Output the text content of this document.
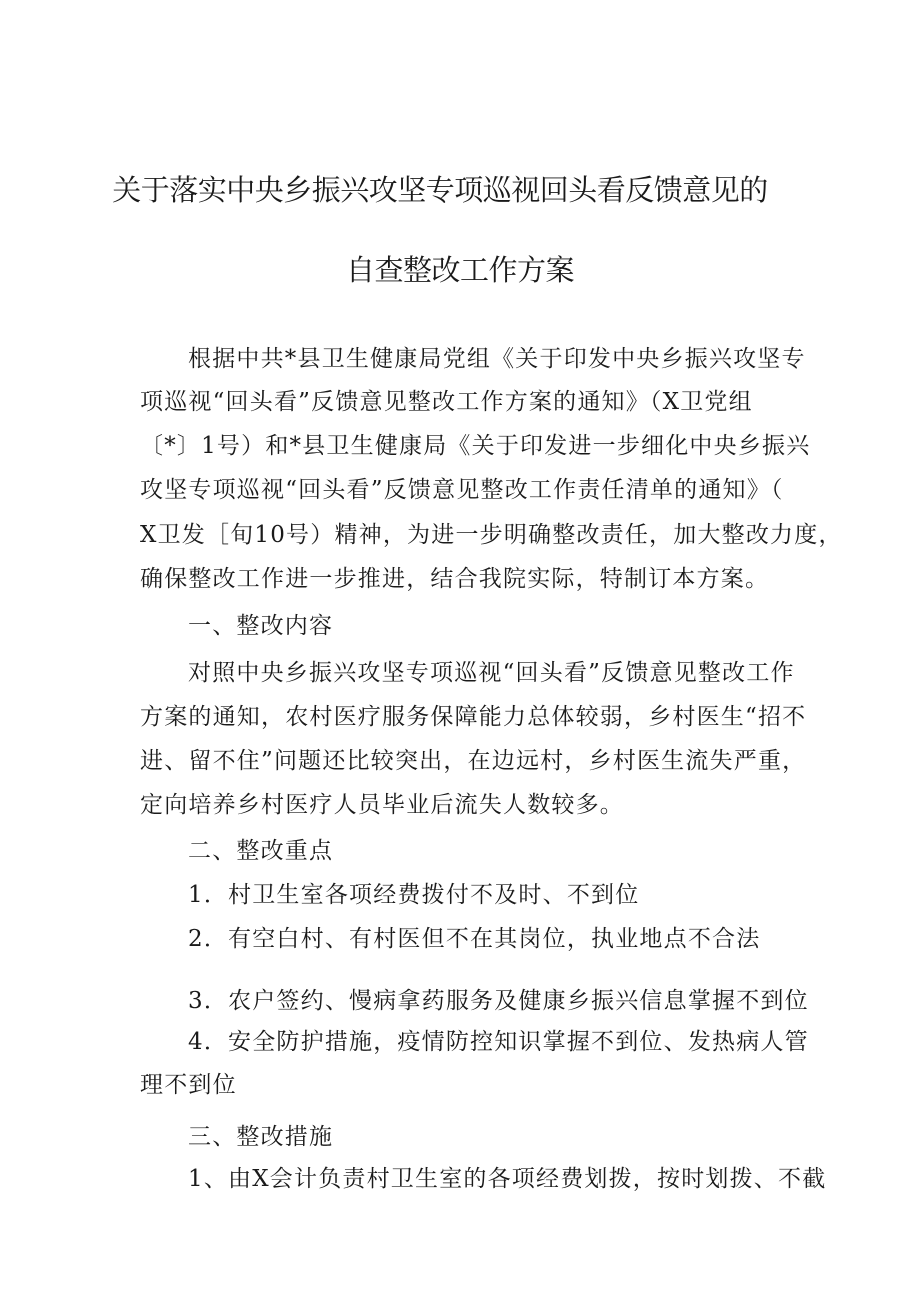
关于落实中央乡振兴攻坚专项巡视回头看反馈意见的
自查整改工作方案
根据中共*县卫生健康局党组《关于印发中央乡振兴攻坚专
项巡视“回头看”反馈意见整改工作方案的通知》（X卫党组
〔*〕1号）和*县卫生健康局《关于印发进一步细化中央乡振兴
攻坚专项巡视“回头看”反馈意见整改工作责任清单的通知》（
X卫发［旬10号）精神，为进一步明确整改责任，加大整改力度，
确保整改工作进一步推进，结合我院实际，特制订本方案。
一、整改内容
对照中央乡振兴攻坚专项巡视“回头看”反馈意见整改工作
方案的通知，农村医疗服务保障能力总体较弱，乡村医生“招不
进、留不住”问题还比较突出，在边远村，乡村医生流失严重，
定向培养乡村医疗人员毕业后流失人数较多。
二、整改重点
1．村卫生室各项经费拨付不及时、不到位
2．有空白村、有村医但不在其岗位，执业地点不合法
3．农户签约、慢病拿药服务及健康乡振兴信息掌握不到位
4．安全防护措施，疫情防控知识掌握不到位、发热病人管
理不到位
三、整改措施
1、由X会计负责村卫生室的各项经费划拨，按时划拨、不截
